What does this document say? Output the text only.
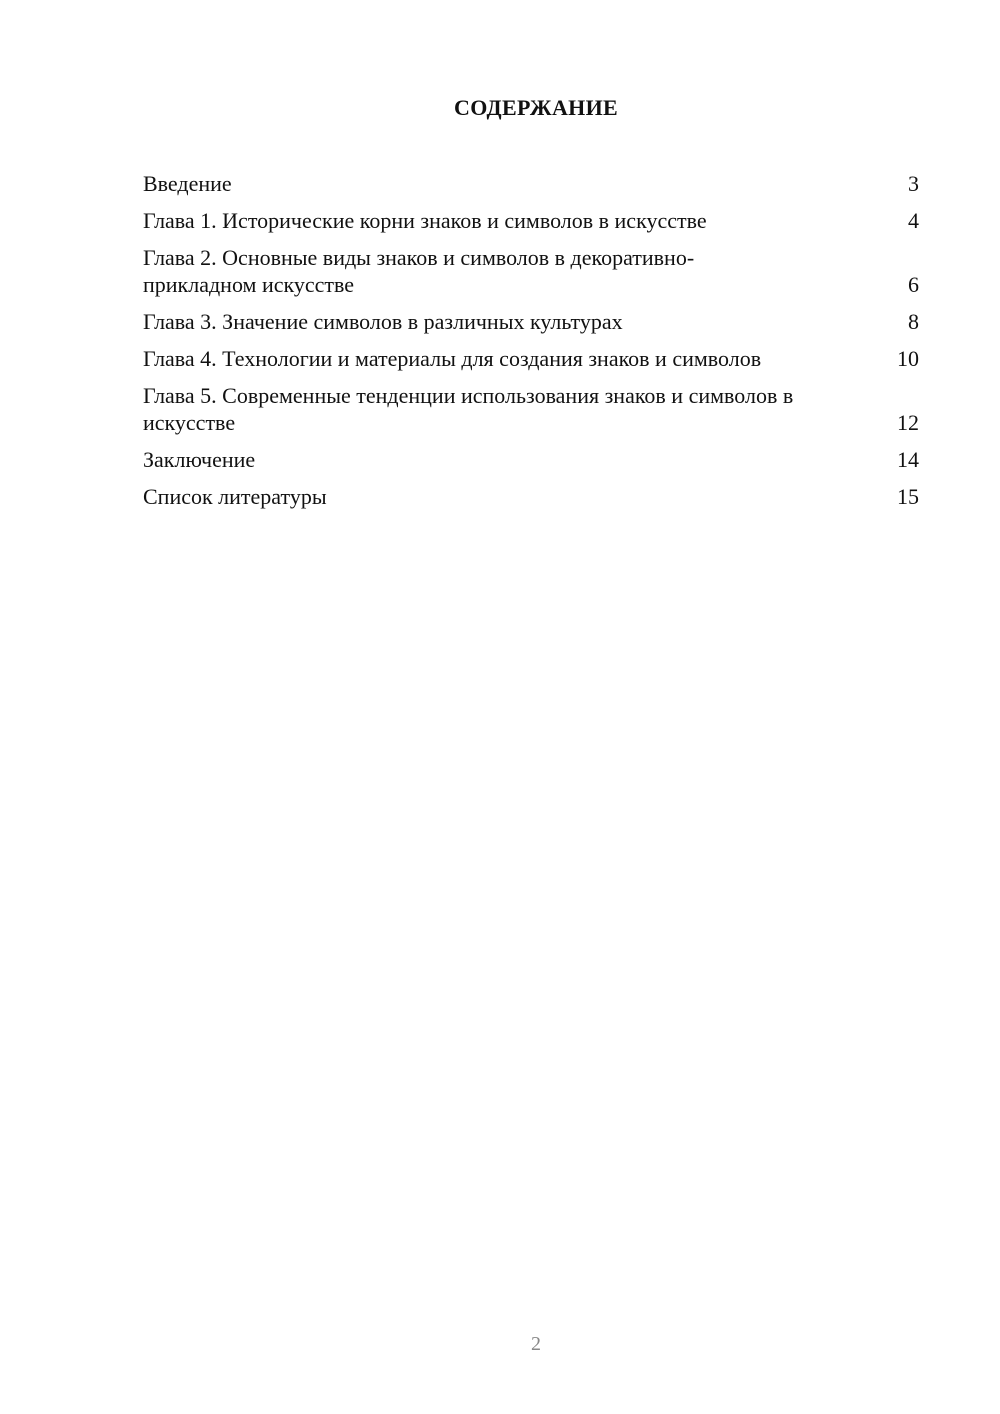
СОДЕРЖАНИЕ
Введение	3
Глава 1. Исторические корни знаков и символов в искусстве	4
Глава 2. Основные виды знаков и символов в декоративно-прикладном искусстве	6
Глава 3. Значение символов в различных культурах	8
Глава 4. Технологии и материалы для создания знаков и символов	10
Глава 5. Современные тенденции использования знаков и символов в искусстве	12
Заключение	14
Список литературы	15
2
